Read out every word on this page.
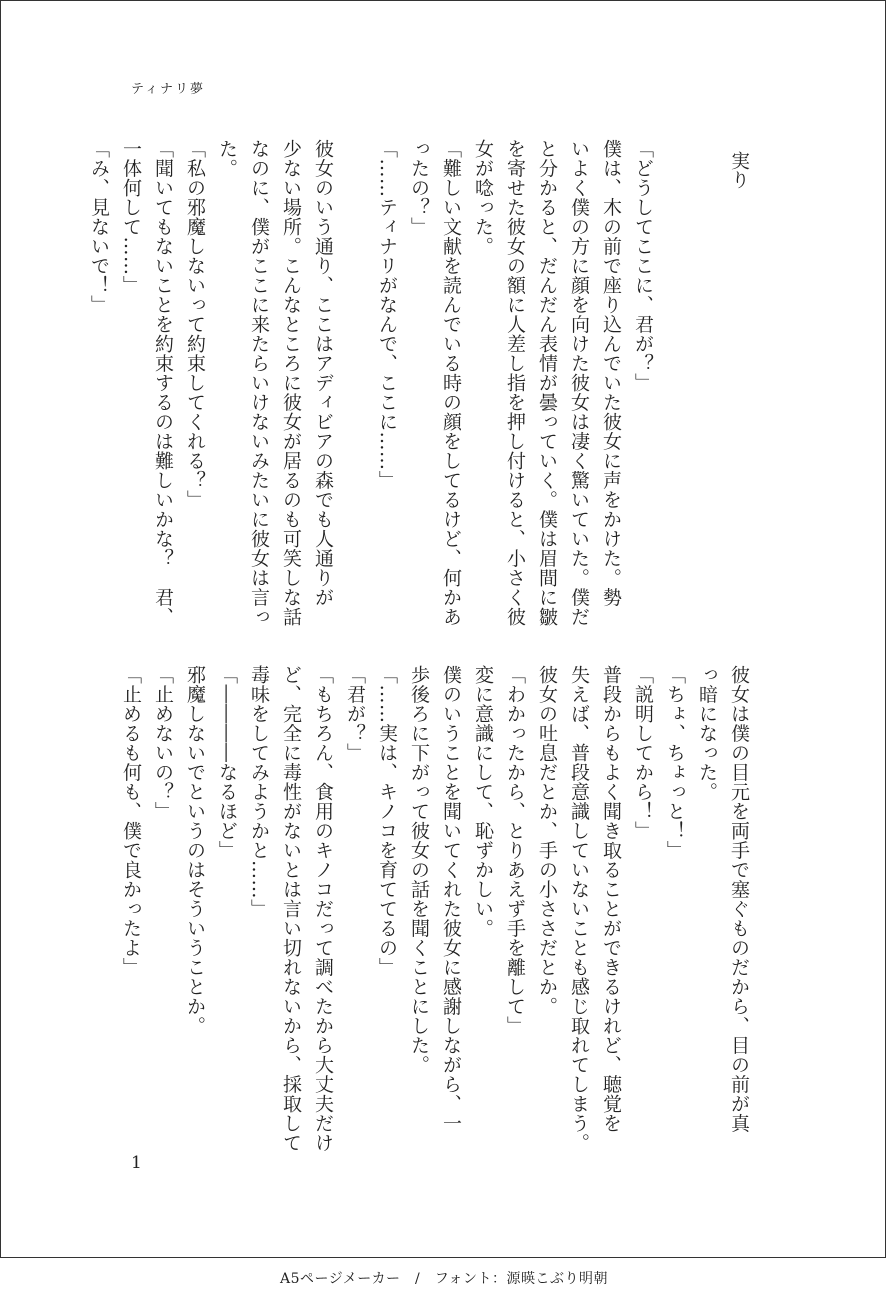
ティナリ夢
「どうしてここに、君が？」
僕は、木の前で座り込んでいた彼女に声をかけた。勢
いよく僕の方に顔を向けた彼女は凄く驚いていた。僕だ
と分かると、だんだん表情が曇っていく。僕は眉間に皺
を寄せた彼女の額に人差し指を押し付けると、小さく彼
女が唸った。
「難しい文献を読んでいる時の顔をしてるけど、何かあ
ったの？」
「……ティナリがなんで、ここに……」
彼女のいう通り、ここはアディビアの森でも人通りが
少ない場所。こんなところに彼女が居るのも可笑しな話
なのに、僕がここに来たらいけないみたいに彼女は言っ
た。
「私の邪魔しないって約束してくれる？」
「聞いてもないことを約束するのは難しいかな？　君、
一体何して……」
「み、見ないで！」	実り
彼女は僕の目元を両手で塞ぐものだから、目の前が真
っ暗になった。
「ちょ、ちょっと！」
「説明してから！」
普段からもよく聞き取ることができるけれど、聴覚を
失えば、普段意識していないことも感じ取れてしまう。
彼女の吐息だとか、手の小ささだとか。
「わかったから、とりあえず手を離して」
変に意識にして、恥ずかしい。
僕のいうことを聞いてくれた彼女に感謝しながら、一
歩後ろに下がって彼女の話を聞くことにした。
「……実は、キノコを育ててるの」
「君が？」
「もちろん、食用のキノコだって調べたから大丈夫だけ
ど、完全に毒性がないとは言い切れないから、採取して
毒味をしてみようかと……」
「――――なるほど」
邪魔しないでというのはそういうことか。
「止めないの？」
「止めるも何も、僕で良かったよ」
1
A5ページメーカー　/　フォント：源暎こぶり明朝
